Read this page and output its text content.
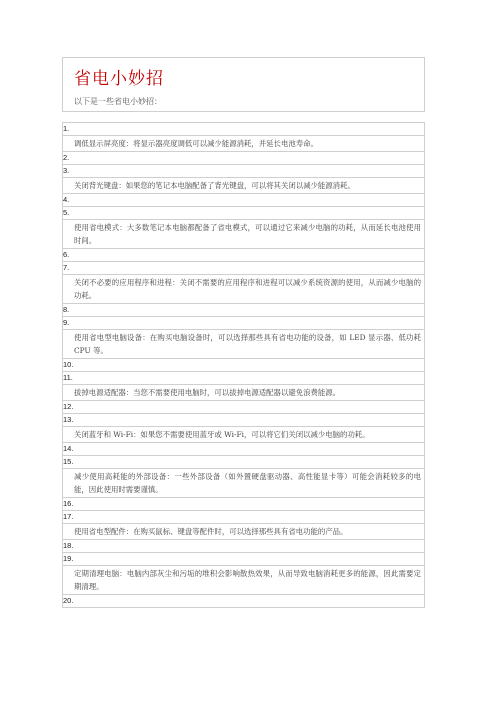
省电小妙招
以下是一些省电小妙招：
1.
调低显示屏亮度：将显示器亮度调低可以减少能源消耗，并延长电池寿命。
2.
3.
关闭背光键盘：如果您的笔记本电脑配备了背光键盘，可以将其关闭以减少能源消耗。
4.
5.
使用省电模式：大多数笔记本电脑都配备了省电模式，可以通过它来减少电脑的功耗，从而延长电池使用时间。
6.
7.
关闭不必要的应用程序和进程：关闭不需要的应用程序和进程可以减少系统资源的使用，从而减少电脑的功耗。
8.
9.
使用省电型电脑设备：在购买电脑设备时，可以选择那些具有省电功能的设备，如 LED 显示器、低功耗 CPU 等。
10.
11.
拔掉电源适配器：当您不需要使用电脑时，可以拔掉电源适配器以避免浪费能源。
12.
13.
关闭蓝牙和 Wi-Fi：如果您不需要使用蓝牙或 Wi-Fi，可以将它们关闭以减少电脑的功耗。
14.
15.
减少使用高耗能的外部设备：一些外部设备（如外置硬盘驱动器、高性能显卡等）可能会消耗较多的电能，因此使用时需要谨慎。
16.
17.
使用省电型配件：在购买鼠标、键盘等配件时，可以选择那些具有省电功能的产品。
18.
19.
定期清理电脑：电脑内部灰尘和污垢的堆积会影响散热效果，从而导致电脑消耗更多的能源，因此需要定期清理。
20.
